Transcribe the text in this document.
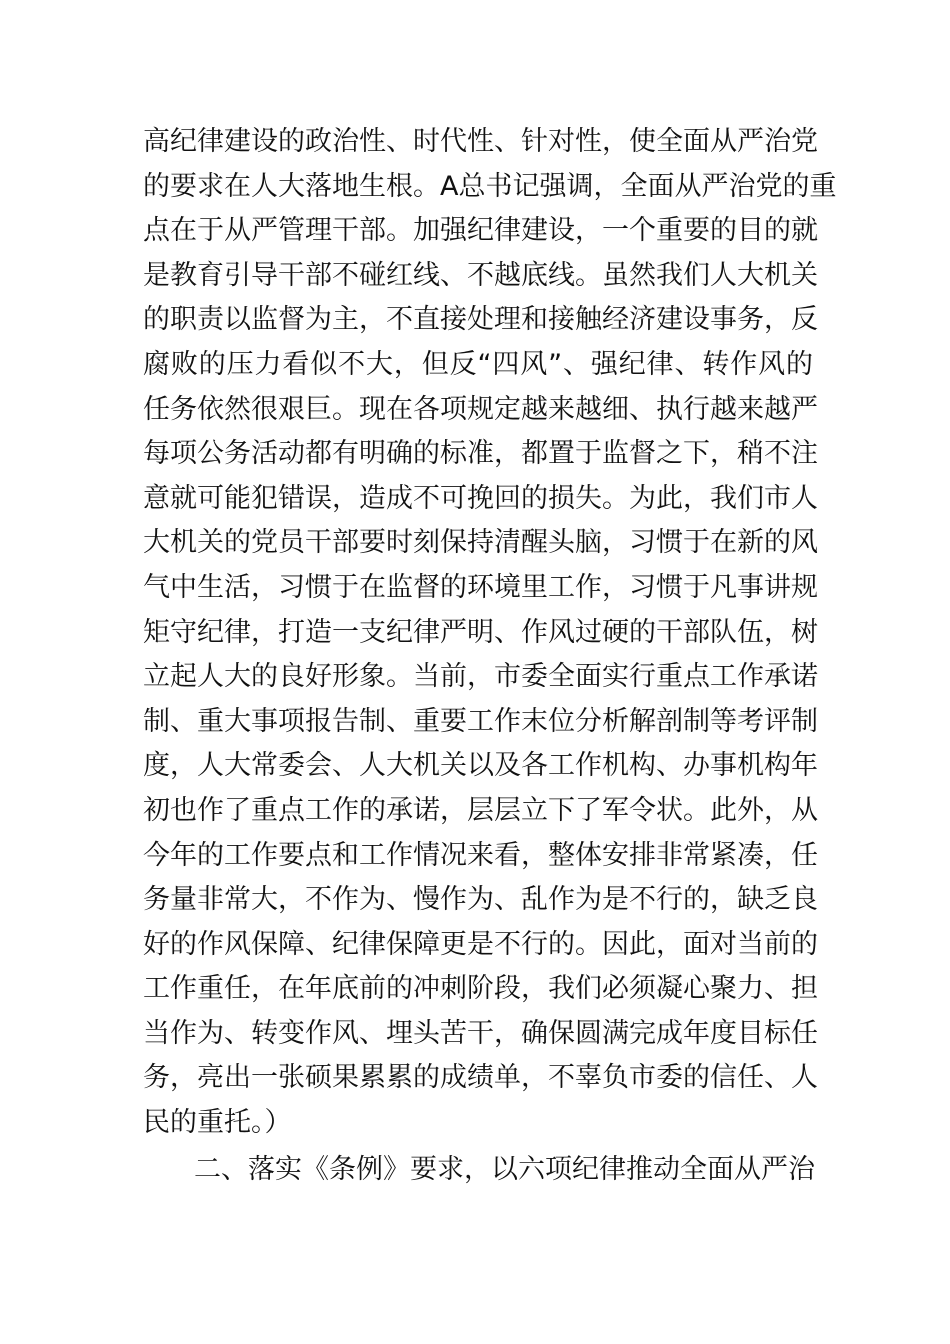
高纪律建设的政治性、时代性、针对性，使全面从严治党
的要求在人大落地生根。A总书记强调，全面从严治党的重
点在于从严管理干部。加强纪律建设，一个重要的目的就
是教育引导干部不碰红线、不越底线。虽然我们人大机关
的职责以监督为主，不直接处理和接触经济建设事务，反
腐败的压力看似不大，但反“四风”、强纪律、转作风的
任务依然很艰巨。现在各项规定越来越细、执行越来越严
每项公务活动都有明确的标准，都置于监督之下，稍不注
意就可能犯错误，造成不可挽回的损失。为此，我们市人
大机关的党员干部要时刻保持清醒头脑，习惯于在新的风
气中生活，习惯于在监督的环境里工作，习惯于凡事讲规
矩守纪律，打造一支纪律严明、作风过硬的干部队伍，树
立起人大的良好形象。当前，市委全面实行重点工作承诺
制、重大事项报告制、重要工作末位分析解剖制等考评制
度，人大常委会、人大机关以及各工作机构、办事机构年
初也作了重点工作的承诺，层层立下了军令状。此外，从
今年的工作要点和工作情况来看，整体安排非常紧凑，任
务量非常大，不作为、慢作为、乱作为是不行的，缺乏良
好的作风保障、纪律保障更是不行的。因此，面对当前的
工作重任，在年底前的冲刺阶段，我们必须凝心聚力、担
当作为、转变作风、埋头苦干，确保圆满完成年度目标任
务，亮出一张硕果累累的成绩单，不辜负市委的信任、人
民的重托。）
二、落实《条例》要求，以六项纪律推动全面从严治
